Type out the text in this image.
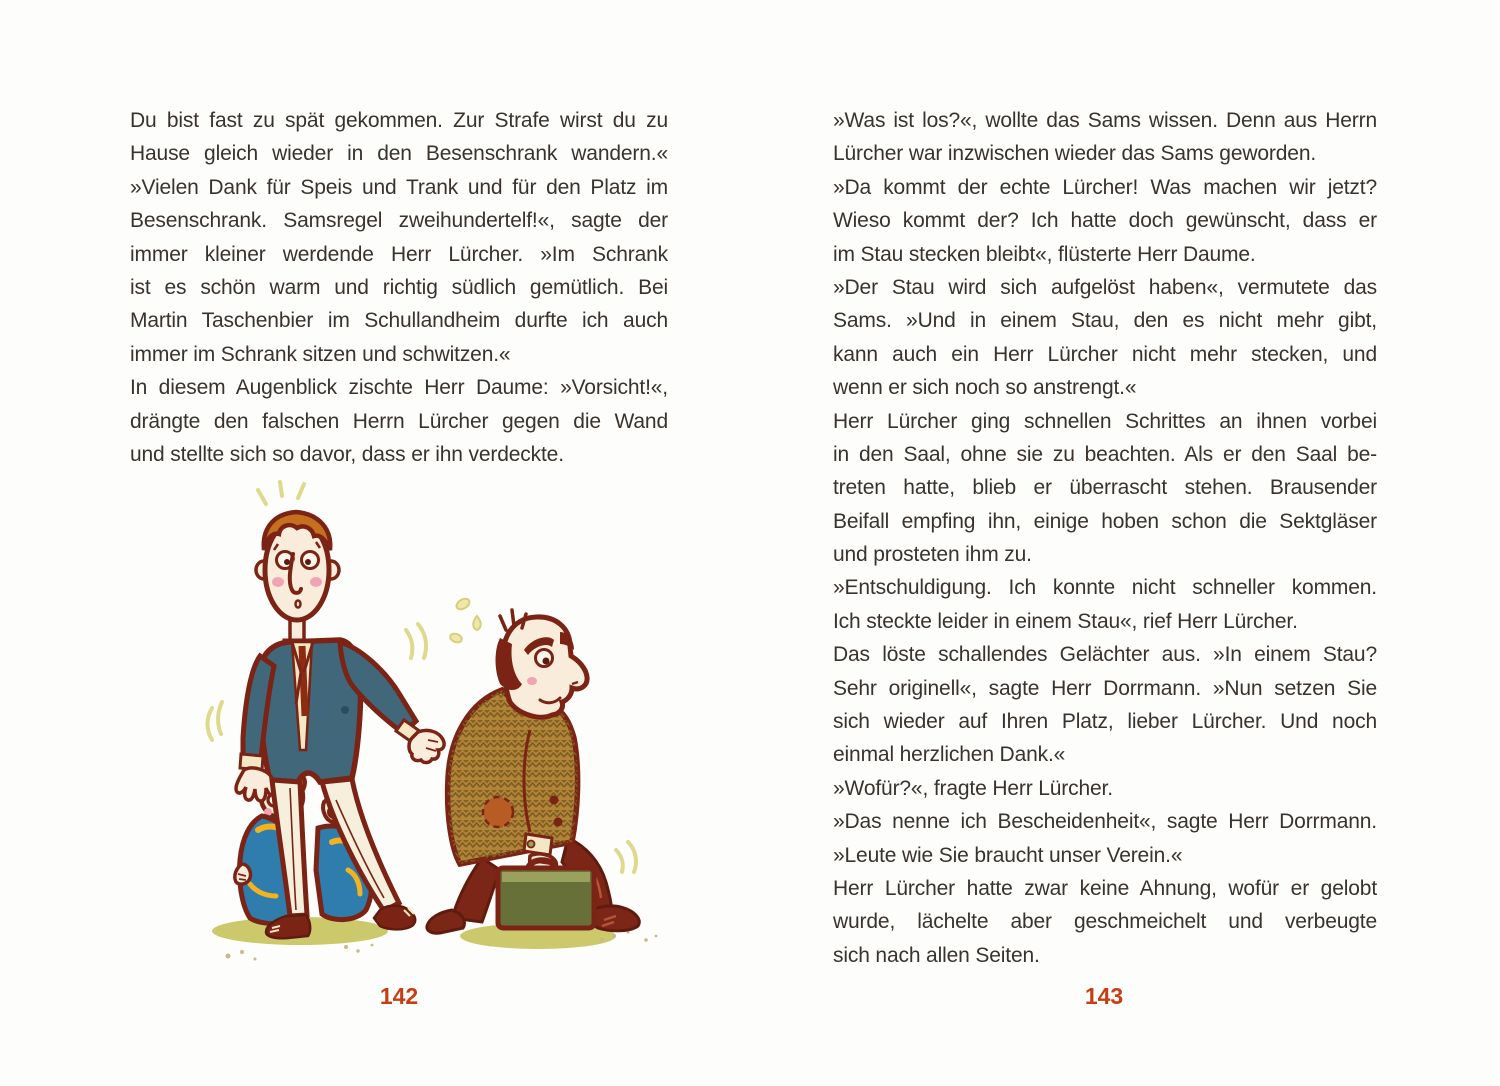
Du bist fast zu spät gekommen. Zur Strafe wirst du zu
Hause gleich wieder in den Besenschrank wandern.«
»Vielen Dank für Speis und Trank und für den Platz im
Besenschrank. Samsregel zweihundertelf!«, sagte der
immer kleiner werdende Herr Lürcher. »Im Schrank
ist es schön warm und richtig südlich gemütlich. Bei
Martin Taschenbier im Schullandheim durfte ich auch
immer im Schrank sitzen und schwitzen.«
In diesem Augenblick zischte Herr Daume: »Vorsicht!«,
drängte den falschen Herrn Lürcher gegen die Wand
und stellte sich so davor, dass er ihn verdeckte.
142
»Was ist los?«, wollte das Sams wissen. Denn aus Herrn
Lürcher war inzwischen wieder das Sams geworden.
»Da kommt der echte Lürcher! Was machen wir jetzt?
Wieso kommt der? Ich hatte doch gewünscht, dass er
im Stau stecken bleibt«, flüsterte Herr Daume.
»Der Stau wird sich aufgelöst haben«, vermutete das
Sams. »Und in einem Stau, den es nicht mehr gibt,
kann auch ein Herr Lürcher nicht mehr stecken, und
wenn er sich noch so anstrengt.«
Herr Lürcher ging schnellen Schrittes an ihnen vorbei
in den Saal, ohne sie zu beachten. Als er den Saal be-
treten hatte, blieb er überrascht stehen. Brausender
Beifall empfing ihn, einige hoben schon die Sektgläser
und prosteten ihm zu.
»Entschuldigung. Ich konnte nicht schneller kommen.
Ich steckte leider in einem Stau«, rief Herr Lürcher.
Das löste schallendes Gelächter aus. »In einem Stau?
Sehr originell«, sagte Herr Dorrmann. »Nun setzen Sie
sich wieder auf Ihren Platz, lieber Lürcher. Und noch
einmal herzlichen Dank.«
»Wofür?«, fragte Herr Lürcher.
»Das nenne ich Bescheidenheit«, sagte Herr Dorrmann.
»Leute wie Sie braucht unser Verein.«
Herr Lürcher hatte zwar keine Ahnung, wofür er gelobt
wurde, lächelte aber geschmeichelt und verbeugte
sich nach allen Seiten.
143
